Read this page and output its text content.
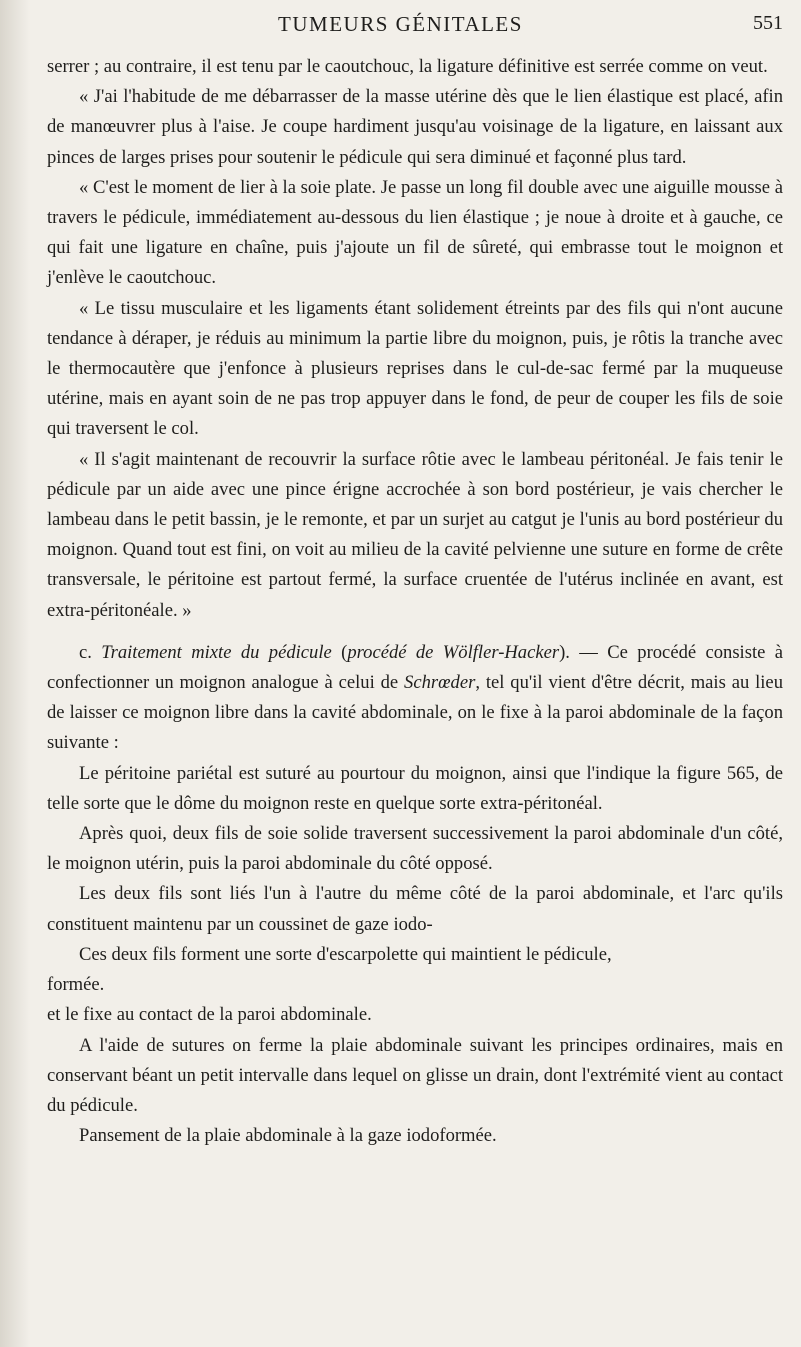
TUMEURS GÉNITALES	551

serrer ; au contraire, il est tenu par le caoutchouc, la ligature définitive est serrée comme on veut.

« J'ai l'habitude de me débarrasser de la masse utérine dès que le lien élastique est placé, afin de manœuvrer plus à l'aise. Je coupe hardiment jusqu'au voisinage de la ligature, en laissant aux pinces de larges prises pour soutenir le pédicule qui sera diminué et façonné plus tard.

« C'est le moment de lier à la soie plate. Je passe un long fil double avec une aiguille mousse à travers le pédicule, immédiatement au-dessous du lien élastique ; je noue à droite et à gauche, ce qui fait une ligature en chaîne, puis j'ajoute un fil de sûreté, qui embrasse tout le moignon et j'enlève le caoutchouc.

« Le tissu musculaire et les ligaments étant solidement étreints par des fils qui n'ont aucune tendance à déraper, je réduis au minimum la partie libre du moignon, puis, je rôtis la tranche avec le thermocautère que j'enfonce à plusieurs reprises dans le cul-de-sac fermé par la muqueuse utérine, mais en ayant soin de ne pas trop appuyer dans le fond, de peur de couper les fils de soie qui traversent le col.

« Il s'agit maintenant de recouvrir la surface rôtie avec le lambeau péritonéal. Je fais tenir le pédicule par un aide avec une pince érigne accrochée à son bord postérieur, je vais chercher le lambeau dans le petit bassin, je le remonte, et par un surjet au catgut je l'unis au bord postérieur du moignon. Quand tout est fini, on voit au milieu de la cavité pelvienne une suture en forme de crête transversale, le péritoine est partout fermé, la surface cruentée de l'utérus inclinée en avant, est extra-péritonéale. »

c. Traitement mixte du pédicule (procédé de Wölfler-Hacker). — Ce procédé consiste à confectionner un moignon analogue à celui de Schrœder, tel qu'il vient d'être décrit, mais au lieu de laisser ce moignon libre dans la cavité abdominale, on le fixe à la paroi abdominale de la façon suivante :

Le péritoine pariétal est suturé au pourtour du moignon, ainsi que l'indique la figure 565, de telle sorte que le dôme du moignon reste en quelque sorte extra-péritonéal.

Après quoi, deux fils de soie solide traversent successivement la paroi abdominale d'un côté, le moignon utérin, puis la paroi abdominale du côté opposé.

Les deux fils sont liés l'un à l'autre du même côté de la paroi abdominale, et l'arc qu'ils constituent maintenu par un coussinet de gaze iodo-

Ces deux fils forment une sorte d'escarpolette qui maintient le pédicule,

formée.

et le fixe au contact de la paroi abdominale.

A l'aide de sutures on ferme la plaie abdominale suivant les principes ordinaires, mais en conservant béant un petit intervalle dans lequel on glisse un drain, dont l'extrémité vient au contact du pédicule.

Pansement de la plaie abdominale à la gaze iodoformée.
